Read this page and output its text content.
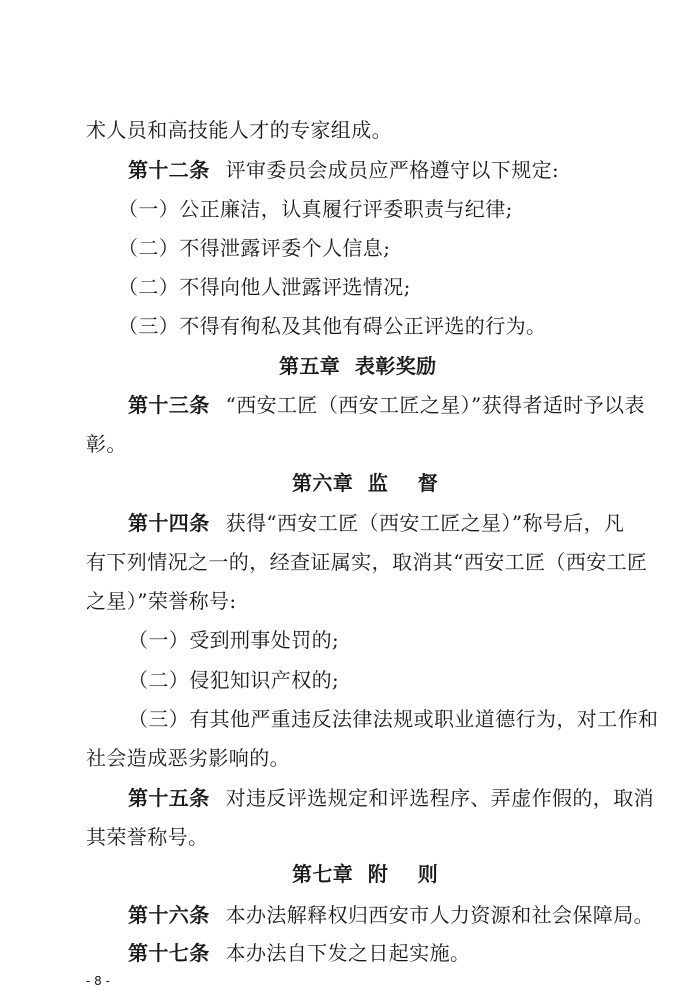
术人员和高技能人才的专家组成。
第十二条 评审委员会成员应严格遵守以下规定:
（一）公正廉洁，认真履行评委职责与纪律;
（二）不得泄露评委个人信息;
（二）不得向他人泄露评选情况;
（三）不得有徇私及其他有碍公正评选的行为。
第五章  表彰奖励
第十三条 “西安工匠（西安工匠之星）”获得者适时予以表
彰。
第六章  监    督
第十四条 获得“西安工匠（西安工匠之星）”称号后，凡
有下列情况之一的，经查证属实，取消其“西安工匠（西安工匠
之星）”荣誉称号:
（一）受到刑事处罚的;
（二）侵犯知识产权的;
（三）有其他严重违反法律法规或职业道德行为，对工作和
社会造成恶劣影响的。
第十五条 对违反评选规定和评选程序、弄虚作假的，取消
其荣誉称号。
第七章  附    则
第十六条 本办法解释权归西安市人力资源和社会保障局。
第十七条 本办法自下发之日起实施。
- 8 -
